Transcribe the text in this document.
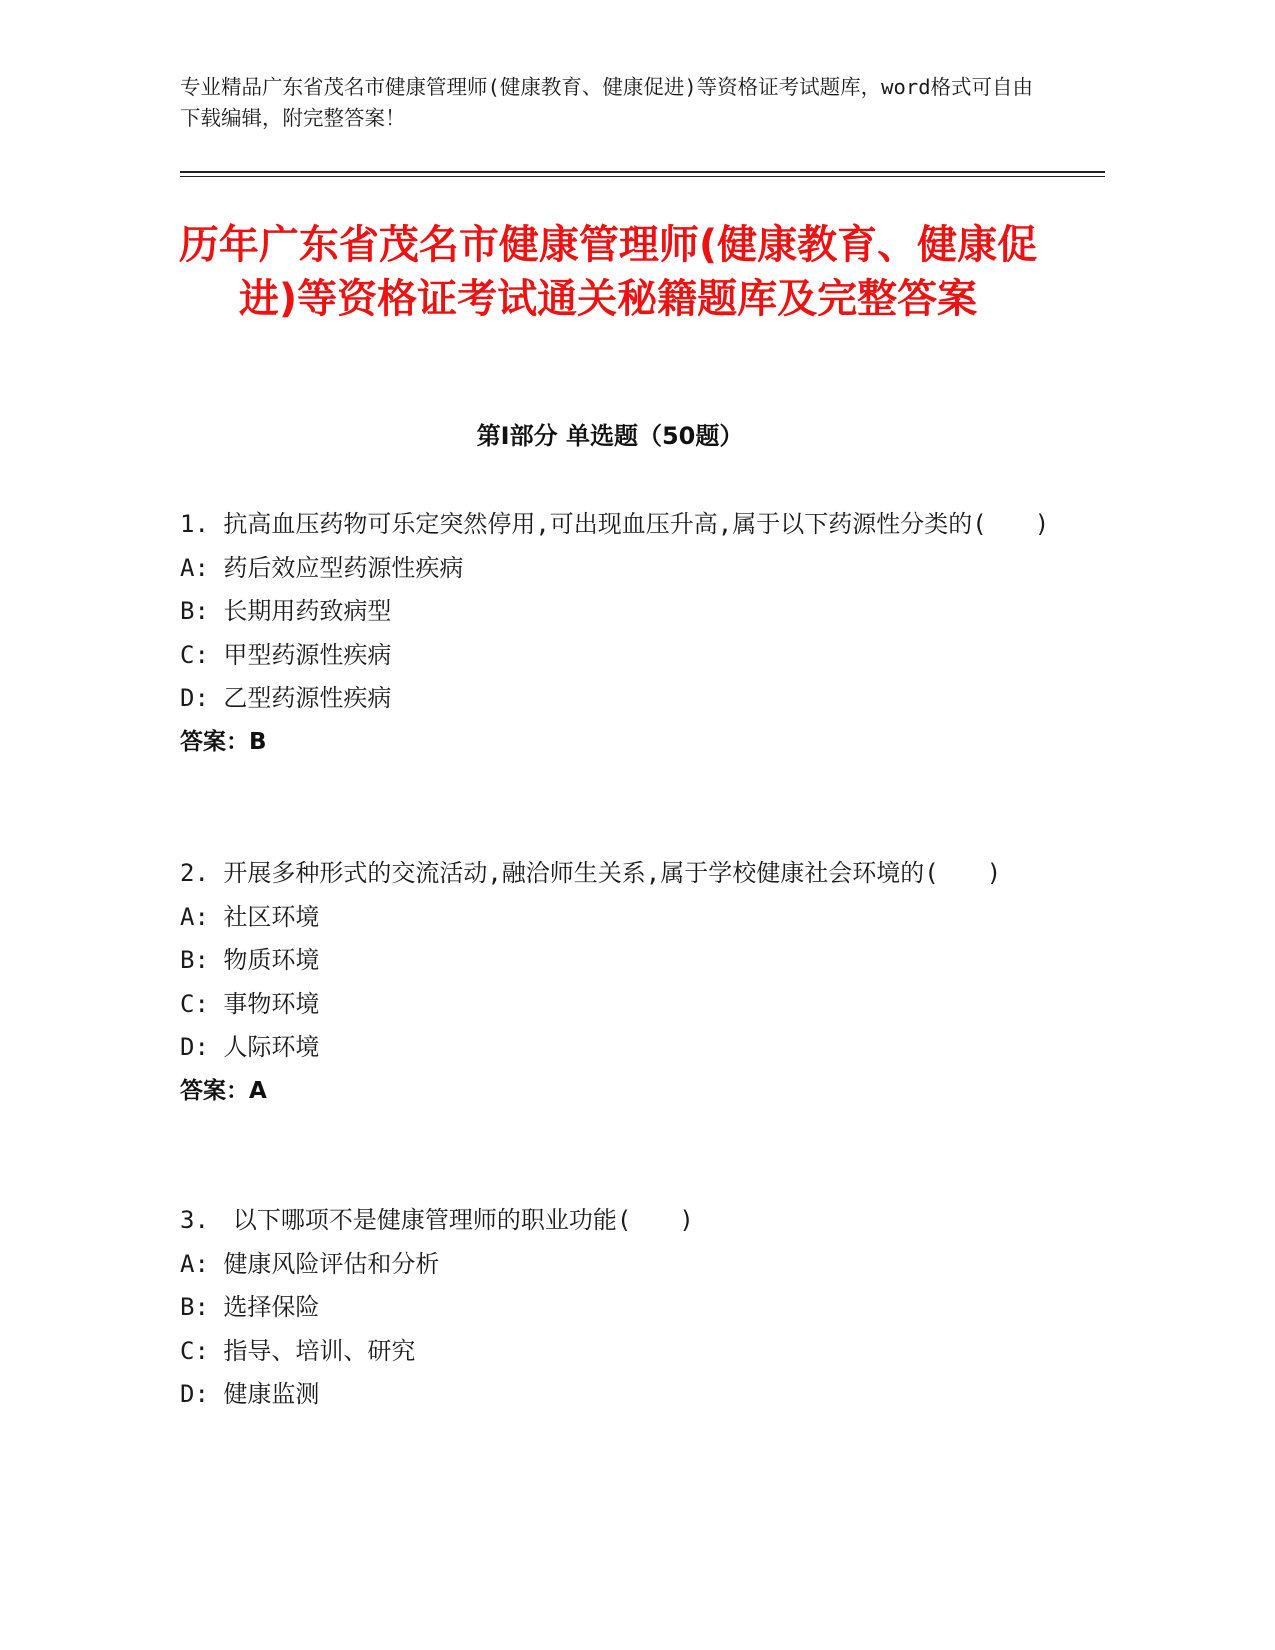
专业精品广东省茂名市健康管理师(健康教育、健康促进)等资格证考试题库，word格式可自由下载编辑，附完整答案！
历年广东省茂名市健康管理师(健康教育、健康促进)等资格证考试通关秘籍题库及完整答案
第Ⅰ部分 单选题（50题）

1. 抗高血压药物可乐定突然停用,可出现血压升高,属于以下药源性分类的(　　)

A: 药后效应型药源性疾病

B: 长期用药致病型

C: 甲型药源性疾病

D: 乙型药源性疾病

答案：B

2. 开展多种形式的交流活动,融洽师生关系,属于学校健康社会环境的(　　)

A: 社区环境

B: 物质环境

C: 事物环境

D: 人际环境

答案：A

3.　以下哪项不是健康管理师的职业功能(　　)

A: 健康风险评估和分析

B: 选择保险

C: 指导、培训、研究

D: 健康监测
